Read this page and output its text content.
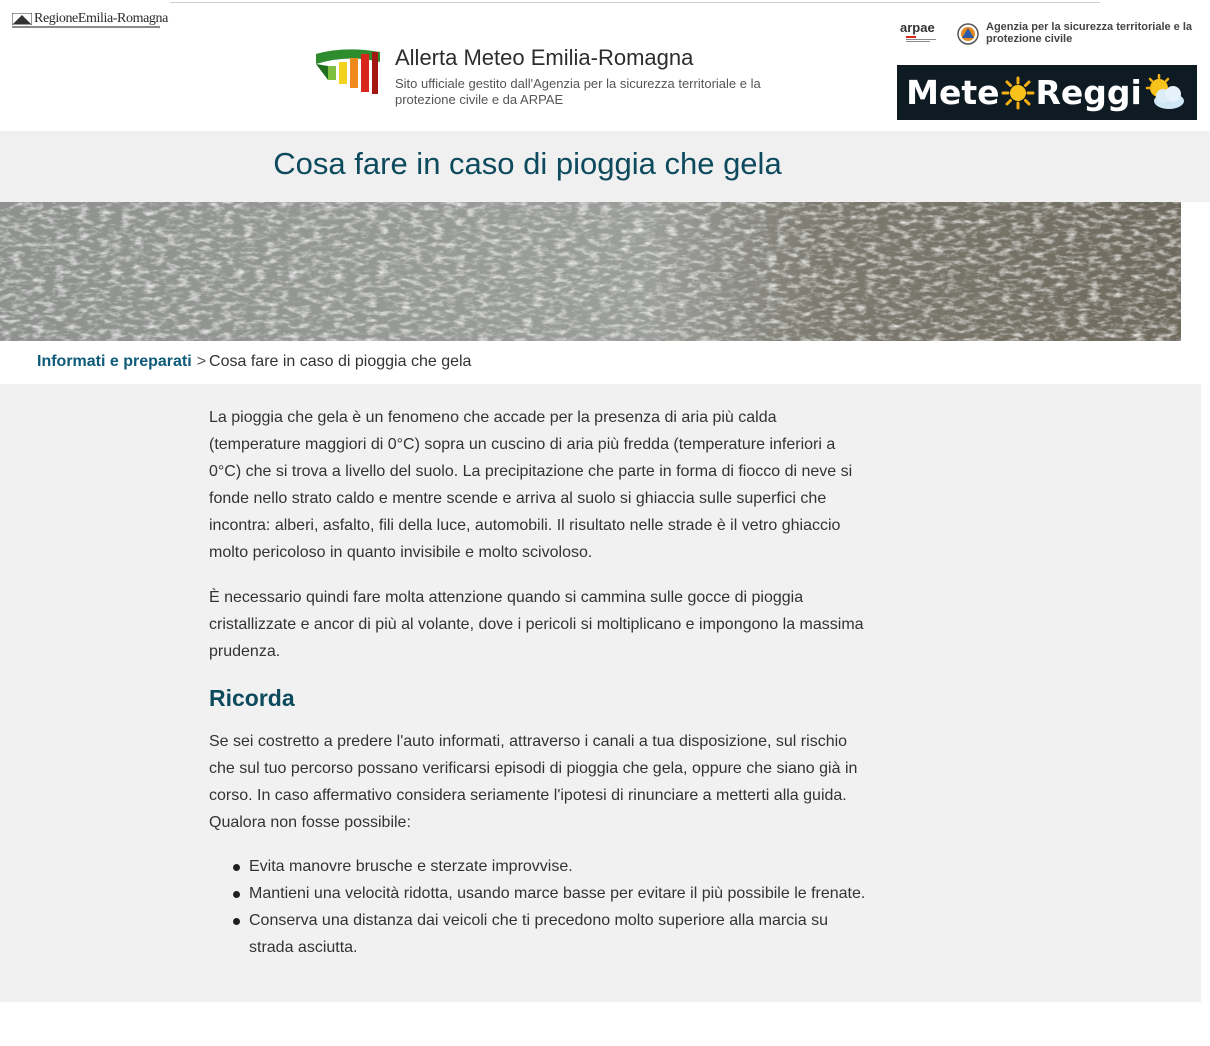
RegioneEmilia-Romagna
Allerta Meteo Emilia-Romagna
Sito ufficiale gestito dall'Agenzia per la sicurezza territoriale e la protezione civile e da ARPAE
arpae	Agenzia per la sicurezza territoriale e la protezione civile
Mete Reggi
Cosa fare in caso di pioggia che gela
Informati e preparati > Cosa fare in caso di pioggia che gela

La pioggia che gela è un fenomeno che accade per la presenza di aria più calda (temperature maggiori di 0°C) sopra un cuscino di aria più fredda (temperature inferiori a 0°C) che si trova a livello del suolo. La precipitazione che parte in forma di fiocco di neve si fonde nello strato caldo e mentre scende e arriva al suolo si ghiaccia sulle superfici che incontra: alberi, asfalto, fili della luce, automobili. Il risultato nelle strade è il vetro ghiaccio molto pericoloso in quanto invisibile e molto scivoloso.

È necessario quindi fare molta attenzione quando si cammina sulle gocce di pioggia cristallizzate e ancor di più al volante, dove i pericoli si moltiplicano e impongono la massima prudenza.

Ricorda

Se sei costretto a predere l'auto informati, attraverso i canali a tua disposizione, sul rischio che sul tuo percorso possano verificarsi episodi di pioggia che gela, oppure che siano già in corso. In caso affermativo considera seriamente l'ipotesi di rinunciare a metterti alla guida. Qualora non fosse possibile:

Evita manovre brusche e sterzate improvvise.
Mantieni una velocità ridotta, usando marce basse per evitare il più possibile le frenate.
Conserva una distanza dai veicoli che ti precedono molto superiore alla marcia su strada asciutta.
